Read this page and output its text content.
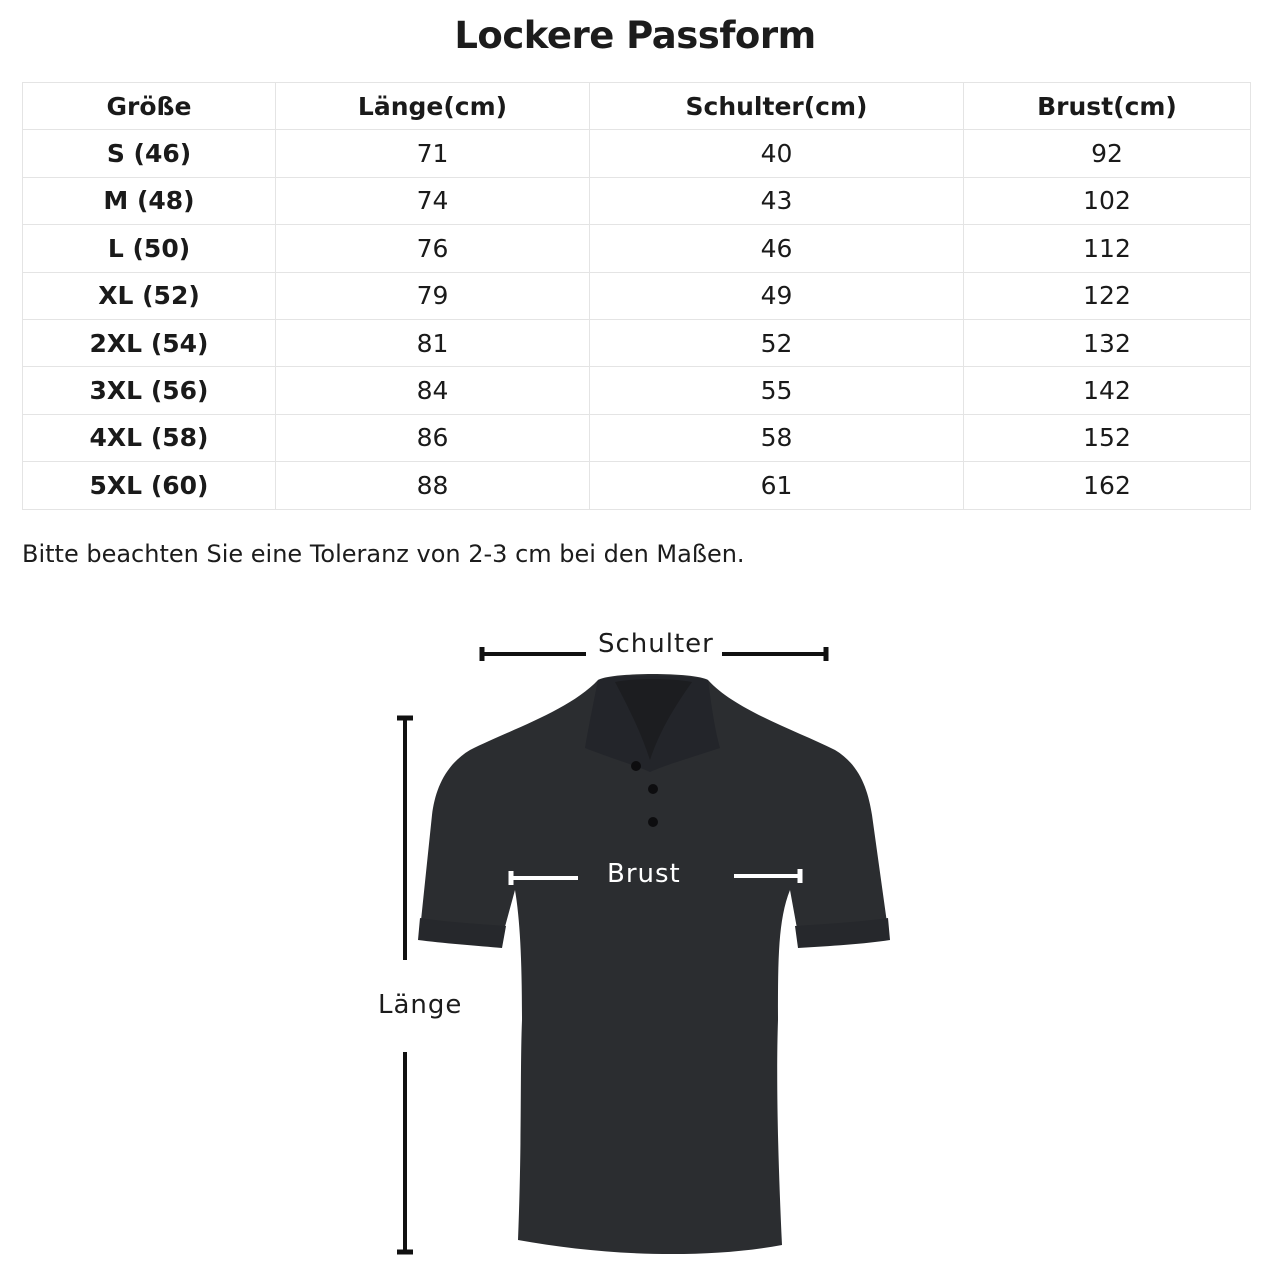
Lockere Passform
Größe	Länge(cm)	Schulter(cm)	Brust(cm)
S (46)	71	40	92
M (48)	74	43	102
L (50)	76	46	112
XL (52)	79	49	122
2XL (54)	81	52	132
3XL (56)	84	55	142
4XL (58)	86	58	152
5XL (60)	88	61	162
Bitte beachten Sie eine Toleranz von 2-3 cm bei den Maßen.
Schulter
Brust
Länge
